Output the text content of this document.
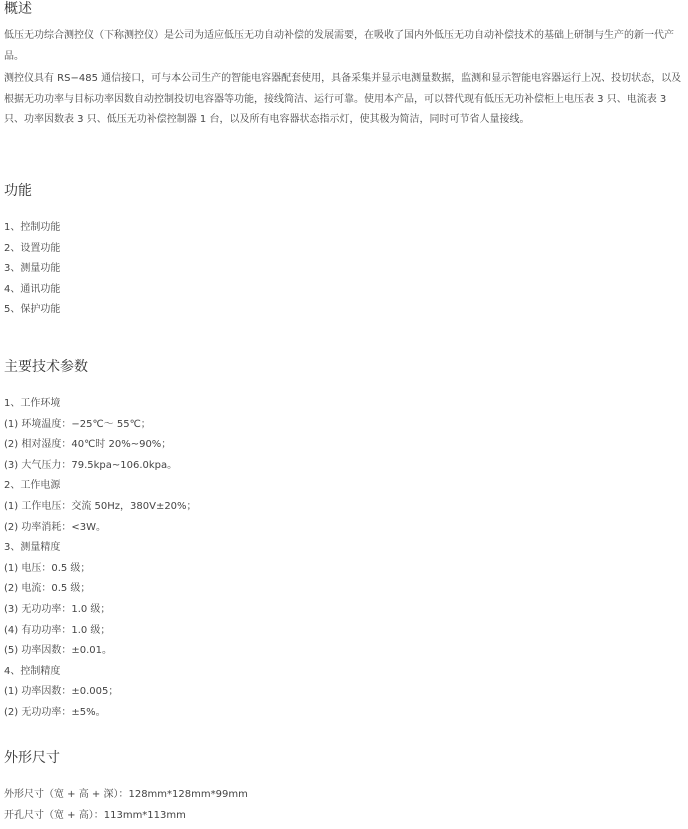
概述

低压无功综合测控仪（下称测控仪）是公司为适应低压无功自动补偿的发展需要，在吸收了国内外低压无功自动补偿技术的基础上研制与生产的新一代产品。

测控仪具有 RS−485 通信接口，可与本公司生产的智能电容器配套使用，具备采集并显示电测量数据，监测和显示智能电容器运行上况、投切状态，以及根据无功功率与目标功率因数自动控制投切电容器等功能，接线简洁、运行可靠。使用本产品，可以替代现有低压无功补偿柜上电压表 3 只、电流表 3 只、功率因数表 3 只、低压无功补偿控制器 1 台，以及所有电容器状态指示灯，使其极为简洁，同时可节省人量接线。

功能

1、控制功能

2、设置功能

3、测量功能

4、通讯功能

5、保护功能

主要技术参数

1、工作环境

(1) 环境温度：−25℃～ 55℃；

(2) 相对湿度：40℃时 20%~90%；

(3) 大气压力：79.5kpa~106.0kpa。

2、工作电源

(1) 工作电压：交流 50Hz，380V±20%；

(2) 功率消耗：<3W。

3、测量精度

(1) 电压：0.5 级；

(2) 电流：0.5 级；

(3) 无功功率：1.0 级；

(4) 有功功率：1.0 级；

(5) 功率因数：±0.01。

4、控制精度

(1) 功率因数：±0.005；

(2) 无功功率：±5%。

外形尺寸

外形尺寸（宽 + 高 + 深）：128mm*128mm*99mm

开孔尺寸（宽 + 高）：113mm*113mm
